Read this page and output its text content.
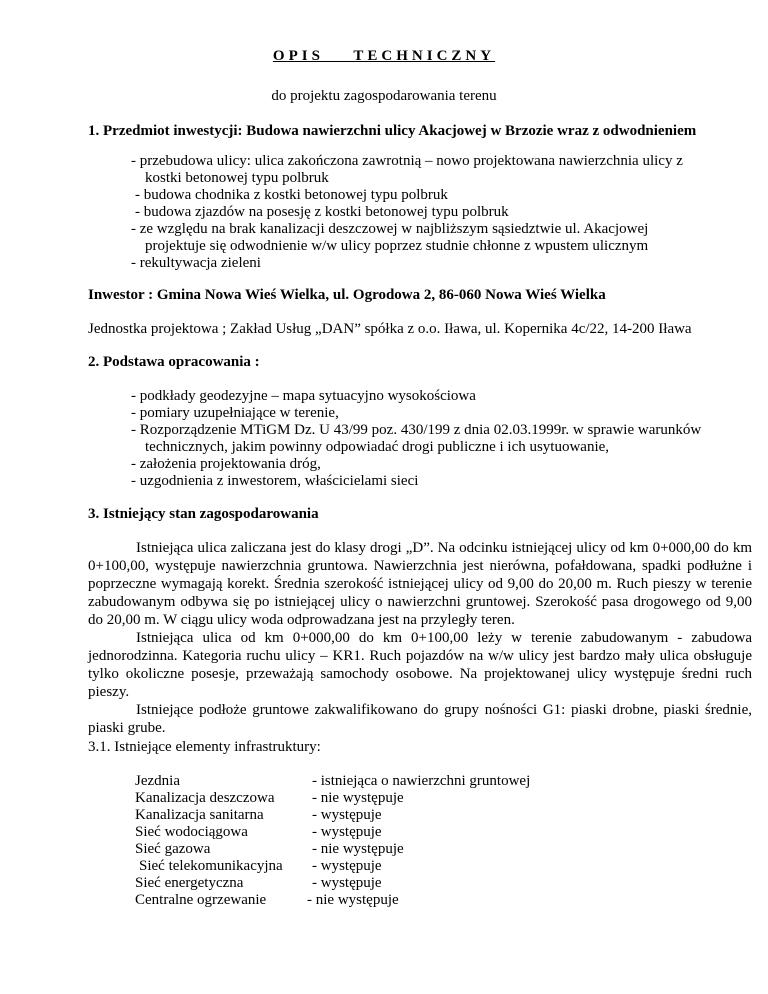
OPIS TECHNICZNY
do projektu zagospodarowania terenu
1. Przedmiot inwestycji: Budowa nawierzchni ulicy Akacjowej w Brzozie wraz z odwodnieniem
- przebudowa ulicy: ulica zakończona zawrotnią – nowo projektowana nawierzchnia ulicy z
kostki betonowej typu polbruk
- budowa chodnika z kostki betonowej typu polbruk
- budowa zjazdów na posesję z kostki betonowej typu polbruk
- ze względu na brak kanalizacji deszczowej w najbliższym sąsiedztwie ul. Akacjowej
projektuje się odwodnienie w/w ulicy poprzez studnie chłonne z wpustem ulicznym
- rekultywacja zieleni
Inwestor : Gmina Nowa Wieś Wielka, ul. Ogrodowa 2, 86-060 Nowa Wieś Wielka
Jednostka projektowa ; Zakład Usług „DAN” spółka z o.o. Iława, ul. Kopernika 4c/22, 14-200 Iława
2. Podstawa opracowania :
- podkłady geodezyjne – mapa sytuacyjno wysokościowa
- pomiary uzupełniające w terenie,
- Rozporządzenie MTiGM Dz. U 43/99 poz. 430/199 z dnia 02.03.1999r. w sprawie warunków
technicznych, jakim powinny odpowiadać drogi publiczne i ich usytuowanie,
- założenia projektowania dróg,
- uzgodnienia z inwestorem, właścicielami sieci
3. Istniejący stan zagospodarowania

Istniejąca ulica zaliczana jest do klasy drogi „D”. Na odcinku istniejącej ulicy od km 0+000,00 do km 0+100,00, występuje nawierzchnia gruntowa. Nawierzchnia jest nierówna, pofałdowana, spadki podłużne i poprzeczne wymagają korekt. Średnia szerokość istniejącej ulicy od 9,00 do 20,00 m. Ruch pieszy w terenie zabudowanym odbywa się po istniejącej ulicy o nawierzchni gruntowej. Szerokość pasa drogowego od 9,00 do 20,00 m. W ciągu ulicy woda odprowadzana jest na przyległy teren.

Istniejąca ulica od km 0+000,00 do km 0+100,00 leży w terenie zabudowanym - zabudowa jednorodzinna. Kategoria ruchu ulicy – KR1. Ruch pojazdów na w/w ulicy jest bardzo mały ulica obsługuje tylko okoliczne posesje, przeważają samochody osobowe. Na projektowanej ulicy występuje średni ruch pieszy.

Istniejące podłoże gruntowe zakwalifikowano do grupy nośności G1: piaski drobne, piaski średnie, piaski grube.

3.1. Istniejące elementy infrastruktury:
Jezdnia	- istniejąca o nawierzchni gruntowej
Kanalizacja deszczowa	- nie występuje
Kanalizacja sanitarna	- występuje
Sieć wodociągowa	- występuje
Sieć gazowa	- nie występuje
Sieć telekomunikacyjna - występuje
Sieć energetyczna	- występuje
Centralne ogrzewanie	- nie występuje
